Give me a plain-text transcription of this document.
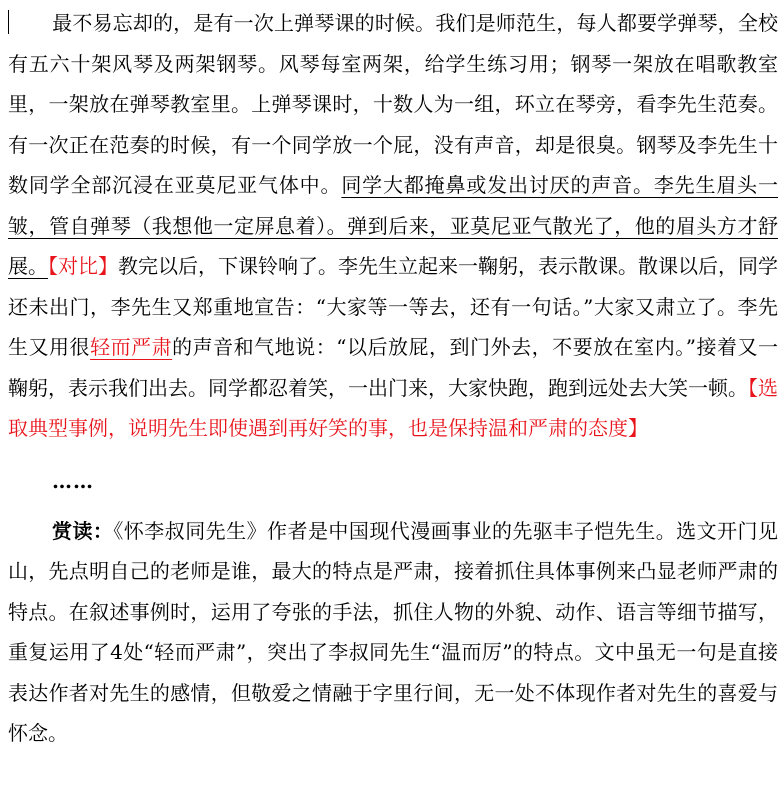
最不易忘却的，是有一次上弹琴课的时候。我们是师范生，每人都要学弹琴，全校有五六十架风琴及两架钢琴。风琴每室两架，给学生练习用；钢琴一架放在唱歌教室里，一架放在弹琴教室里。上弹琴课时，十数人为一组，环立在琴旁，看李先生范奏。有一次正在范奏的时候，有一个同学放一个屁，没有声音，却是很臭。钢琴及李先生十数同学全部沉浸在亚莫尼亚气体中。同学大都掩鼻或发出讨厌的声音。李先生眉头一皱，管自弹琴（我想他一定屏息着）。弹到后来，亚莫尼亚气散光了，他的眉头方才舒展。【对比】教完以后，下课铃响了。李先生立起来一鞠躬，表示散课。散课以后，同学还未出门，李先生又郑重地宣告：“大家等一等去，还有一句话。”大家又肃立了。李先生又用很轻而严肃的声音和气地说：“以后放屁，到门外去，不要放在室内。”接着又一鞠躬，表示我们出去。同学都忍着笑，一出门来，大家快跑，跑到远处去大笑一顿。【选取典型事例，说明先生即使遇到再好笑的事，也是保持温和严肃的态度】

……

赏读：《怀李叔同先生》作者是中国现代漫画事业的先驱丰子恺先生。选文开门见山，先点明自己的老师是谁，最大的特点是严肃，接着抓住具体事例来凸显老师严肃的特点。在叙述事例时，运用了夸张的手法，抓住人物的外貌、动作、语言等细节描写，重复运用了4处“轻而严肃”，突出了李叔同先生“温而厉”的特点。文中虽无一句是直接表达作者对先生的感情，但敬爱之情融于字里行间，无一处不体现作者对先生的喜爱与怀念。
